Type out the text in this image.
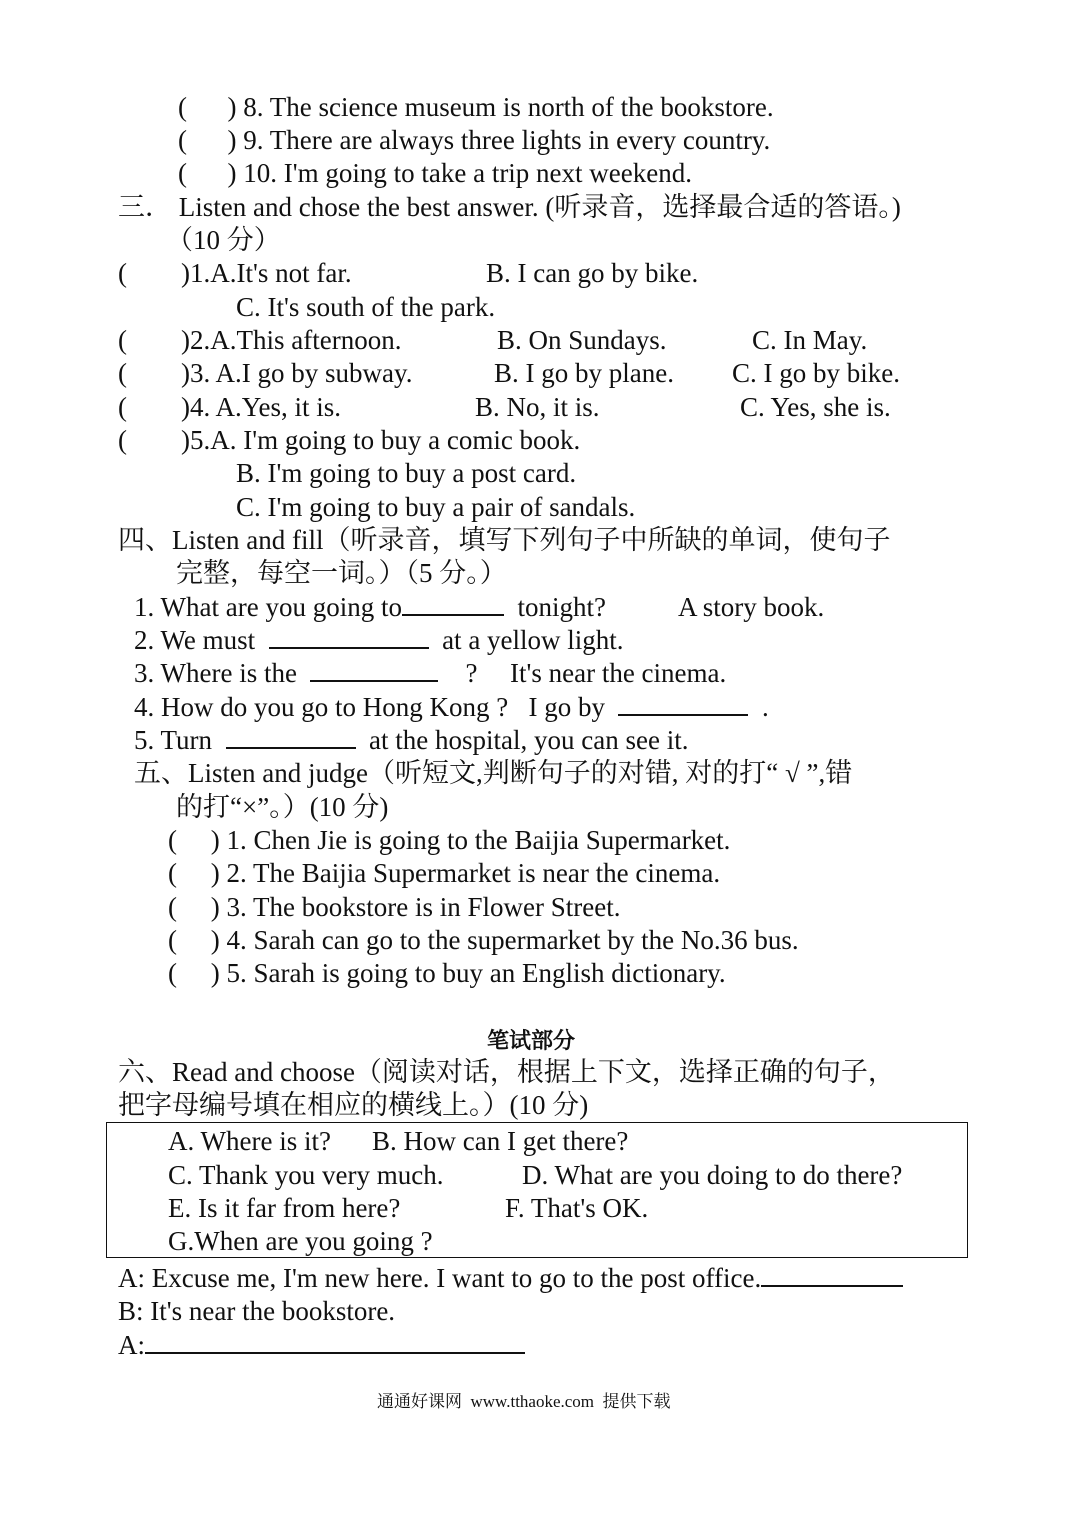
(      ) 8. The science museum is north of the bookstore.
(      ) 9. There are always three lights in every country.
(      ) 10. I'm going to take a trip next weekend.
三． Listen and chose the best answer. (听录音，选择最合适的答语。)
（10 分）
(        )1.A.It's not far.	B. I can go by bike.
C. It's south of the park.
(        )2.A.This afternoon.	B. On Sundays.	C. In May.
(        )3. A.I go by subway.	B. I go by plane. C. I go by bike.
(        )4. A.Yes, it is.	B. No, it is.	C. Yes, she is.
(        )5.A. I'm going to buy a comic book.
B. I'm going to buy a post card.
C. I'm going to buy a pair of sandals.
四、Listen and fill（听录音，填写下列句子中所缺的单词，使句子
完整，每空一词。）（5 分。）
1. What are you going to	tonight?	A story book.
2. We must	at a yellow light.
3. Where is the	? It's near the cinema.
4. How do you go to Hong Kong ? I go by	.
5. Turn	at the hospital, you can see it.
五、Listen and judge（听短文,判断句子的对错, 对的打“ √ ”,错
的打“×”。）(10 分)
(     ) 1. Chen Jie is going to the Baijia Supermarket.
(     ) 2. The Baijia Supermarket is near the cinema.
(     ) 3. The bookstore is in Flower Street.
(     ) 4. Sarah can go to the supermarket by the No.36 bus.
(     ) 5. Sarah is going to buy an English dictionary.
笔试部分
六、Read and choose（阅读对话，根据上下文，选择正确的句子，
把字母编号填在相应的横线上。）(10 分)
A. Where is it? B. How can I get there?
C. Thank you very much.	D. What are you doing to do there?
E. Is it far from here?	F. That's OK.
G.When are you going ?
A: Excuse me, I'm new here. I want to go to the post office.
B: It's near the bookstore.
A:
通通好课网  www.tthaoke.com  提供下载
